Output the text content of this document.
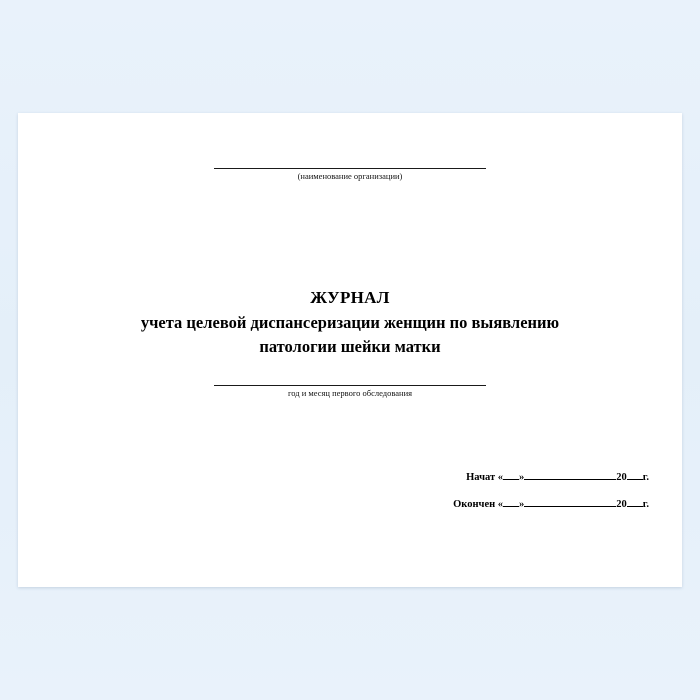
(наименование организации)
ЖУРНАЛ
учета целевой диспансеризации женщин по выявлению
патологии шейки матки
год и месяц первого обследования
Начат « »	20 г.
Окончен « »	20 г.
